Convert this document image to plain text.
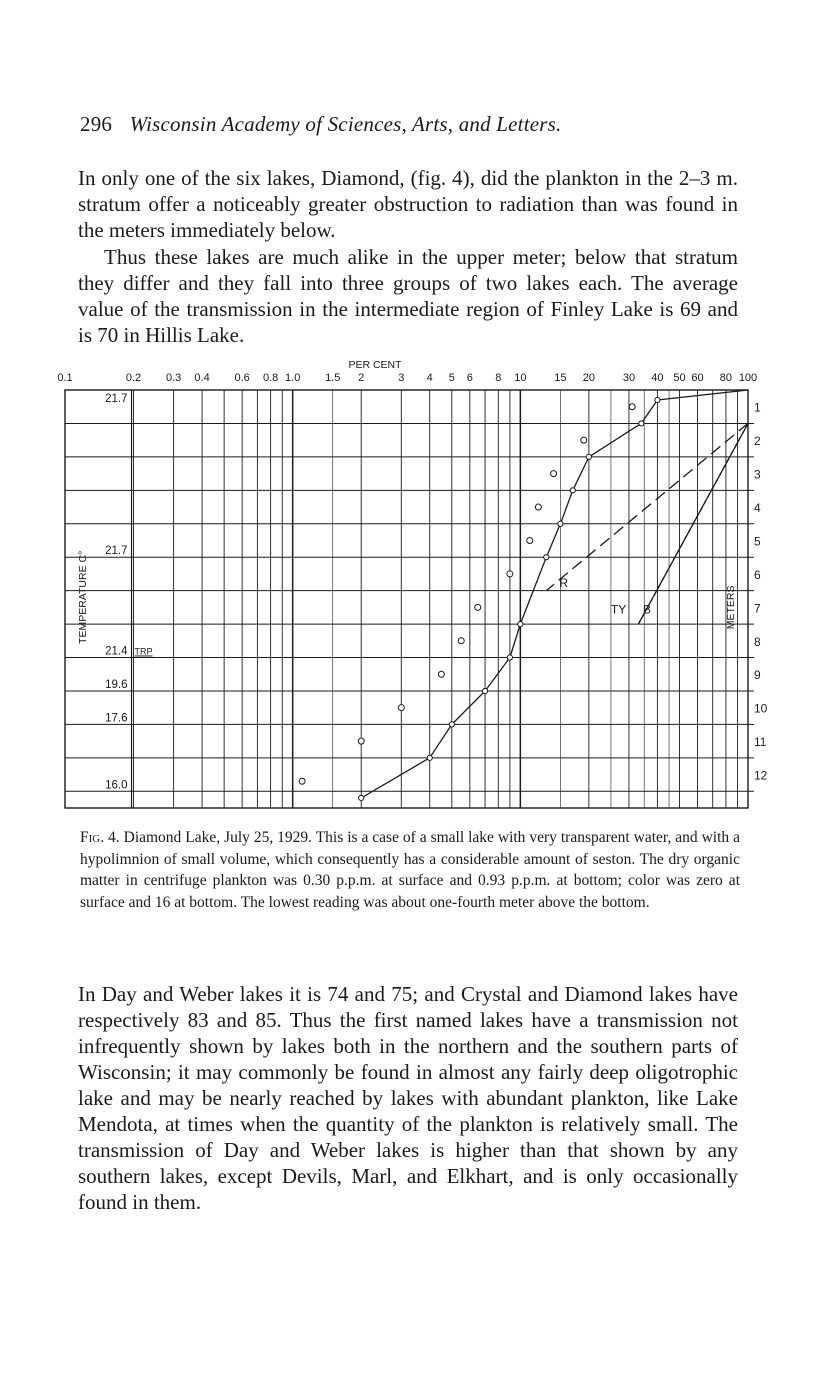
296 Wisconsin Academy of Sciences, Arts, and Letters.

In only one of the six lakes, Diamond, (fig. 4), did the plankton in the 2–3 m. stratum offer a noticeably greater obstruction to radiation than was found in the meters immediately below.

Thus these lakes are much alike in the upper meter; below that stratum they differ and they fall into three groups of two lakes each. The average value of the transmission in the intermediate region of Finley Lake is 69 and is 70 in Hillis Lake.

0.1	0.2 0.3 0.4 0.6 0.8 1.0 1.5 2	3 4 5 6 8 10	15 20	30 40 50 60 80 100
PER CENT
1
2
3
4
5
6
7
8
9
10
11
12
METERS
TEMPERATURE C°
21.7
21.7
21.4
19.6
17.6
16.0
TRP
R
TY B

Fig. 4. Diamond Lake, July 25, 1929. This is a case of a small lake with very transparent water, and with a hypolimnion of small volume, which consequently has a considerable amount of seston. The dry organic matter in centrifuge plankton was 0.30 p.p.m. at surface and 0.93 p.p.m. at bottom; color was zero at surface and 16 at bottom. The lowest reading was about one-fourth meter above the bottom.

In Day and Weber lakes it is 74 and 75; and Crystal and Diamond lakes have respectively 83 and 85. Thus the first named lakes have a transmission not infrequently shown by lakes both in the northern and the southern parts of Wisconsin; it may commonly be found in almost any fairly deep oligotrophic lake and may be nearly reached by lakes with abundant plankton, like Lake Mendota, at times when the quantity of the plankton is relatively small. The transmission of Day and Weber lakes is higher than that shown by any southern lakes, except Devils, Marl, and Elkhart, and is only occasionally found in them.
